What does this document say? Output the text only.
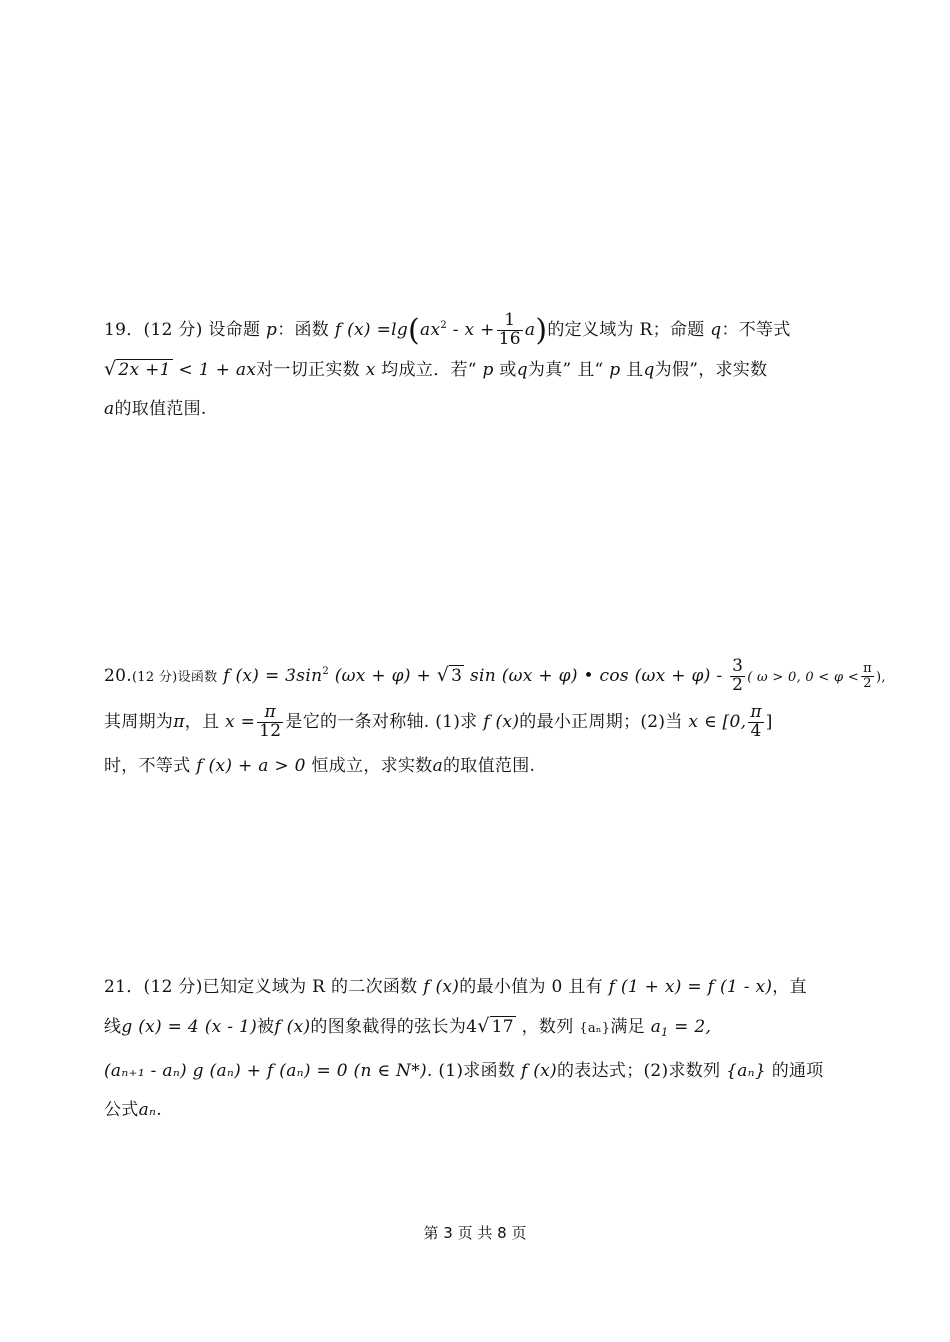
19．(12 分) 设命题 p：函数 f $(x) =\lg(ax^2 - x + \frac{1}{16} a)$的定义域为 R；命题 q：不等式
√ 2x +1 < 1 + ax对一切正实数 x 均成立．若“ p 或q为真” 且“ p 且q为假”，求实数
a的取值范围.
20.(12 分)设函数 f $(x) = 3\sin^2$ (ωx + φ) + √ 3 sin (ωx + φ) • $\cos (\omega x + \varphi) - \frac{3}{2}$ ( ω > 0, $0 < \varphi < \frac{\pi}{2}$ ),
其周期为π，且 $x = \frac{\pi}{12}$ 是它的一条对称轴. (1)求 f (x)的最小正周期；(2)当 x ∈ [0, $\frac{\pi}{4}$ ]
时，不等式 f (x) + a > 0 恒成立，求实数a的取值范围.
21．(12 分)已知定义域为 R 的二次函数 f (x)的最小值为 0 且有 f (1 + x) = f (1 - x)，直
线g (x) = 4 (x - 1)被f (x)的图象截得的弦长为4√ 17 ，数列 {aₙ}满足 $a_1 = 2$,
(aₙ₊₁ - aₙ) g (aₙ) + f (aₙ) = 0 (n ∈ N*). (1)求函数 f (x)的表达式；(2)求数列 {aₙ} 的通项
公式aₙ.
第 3 页 共 8 页
